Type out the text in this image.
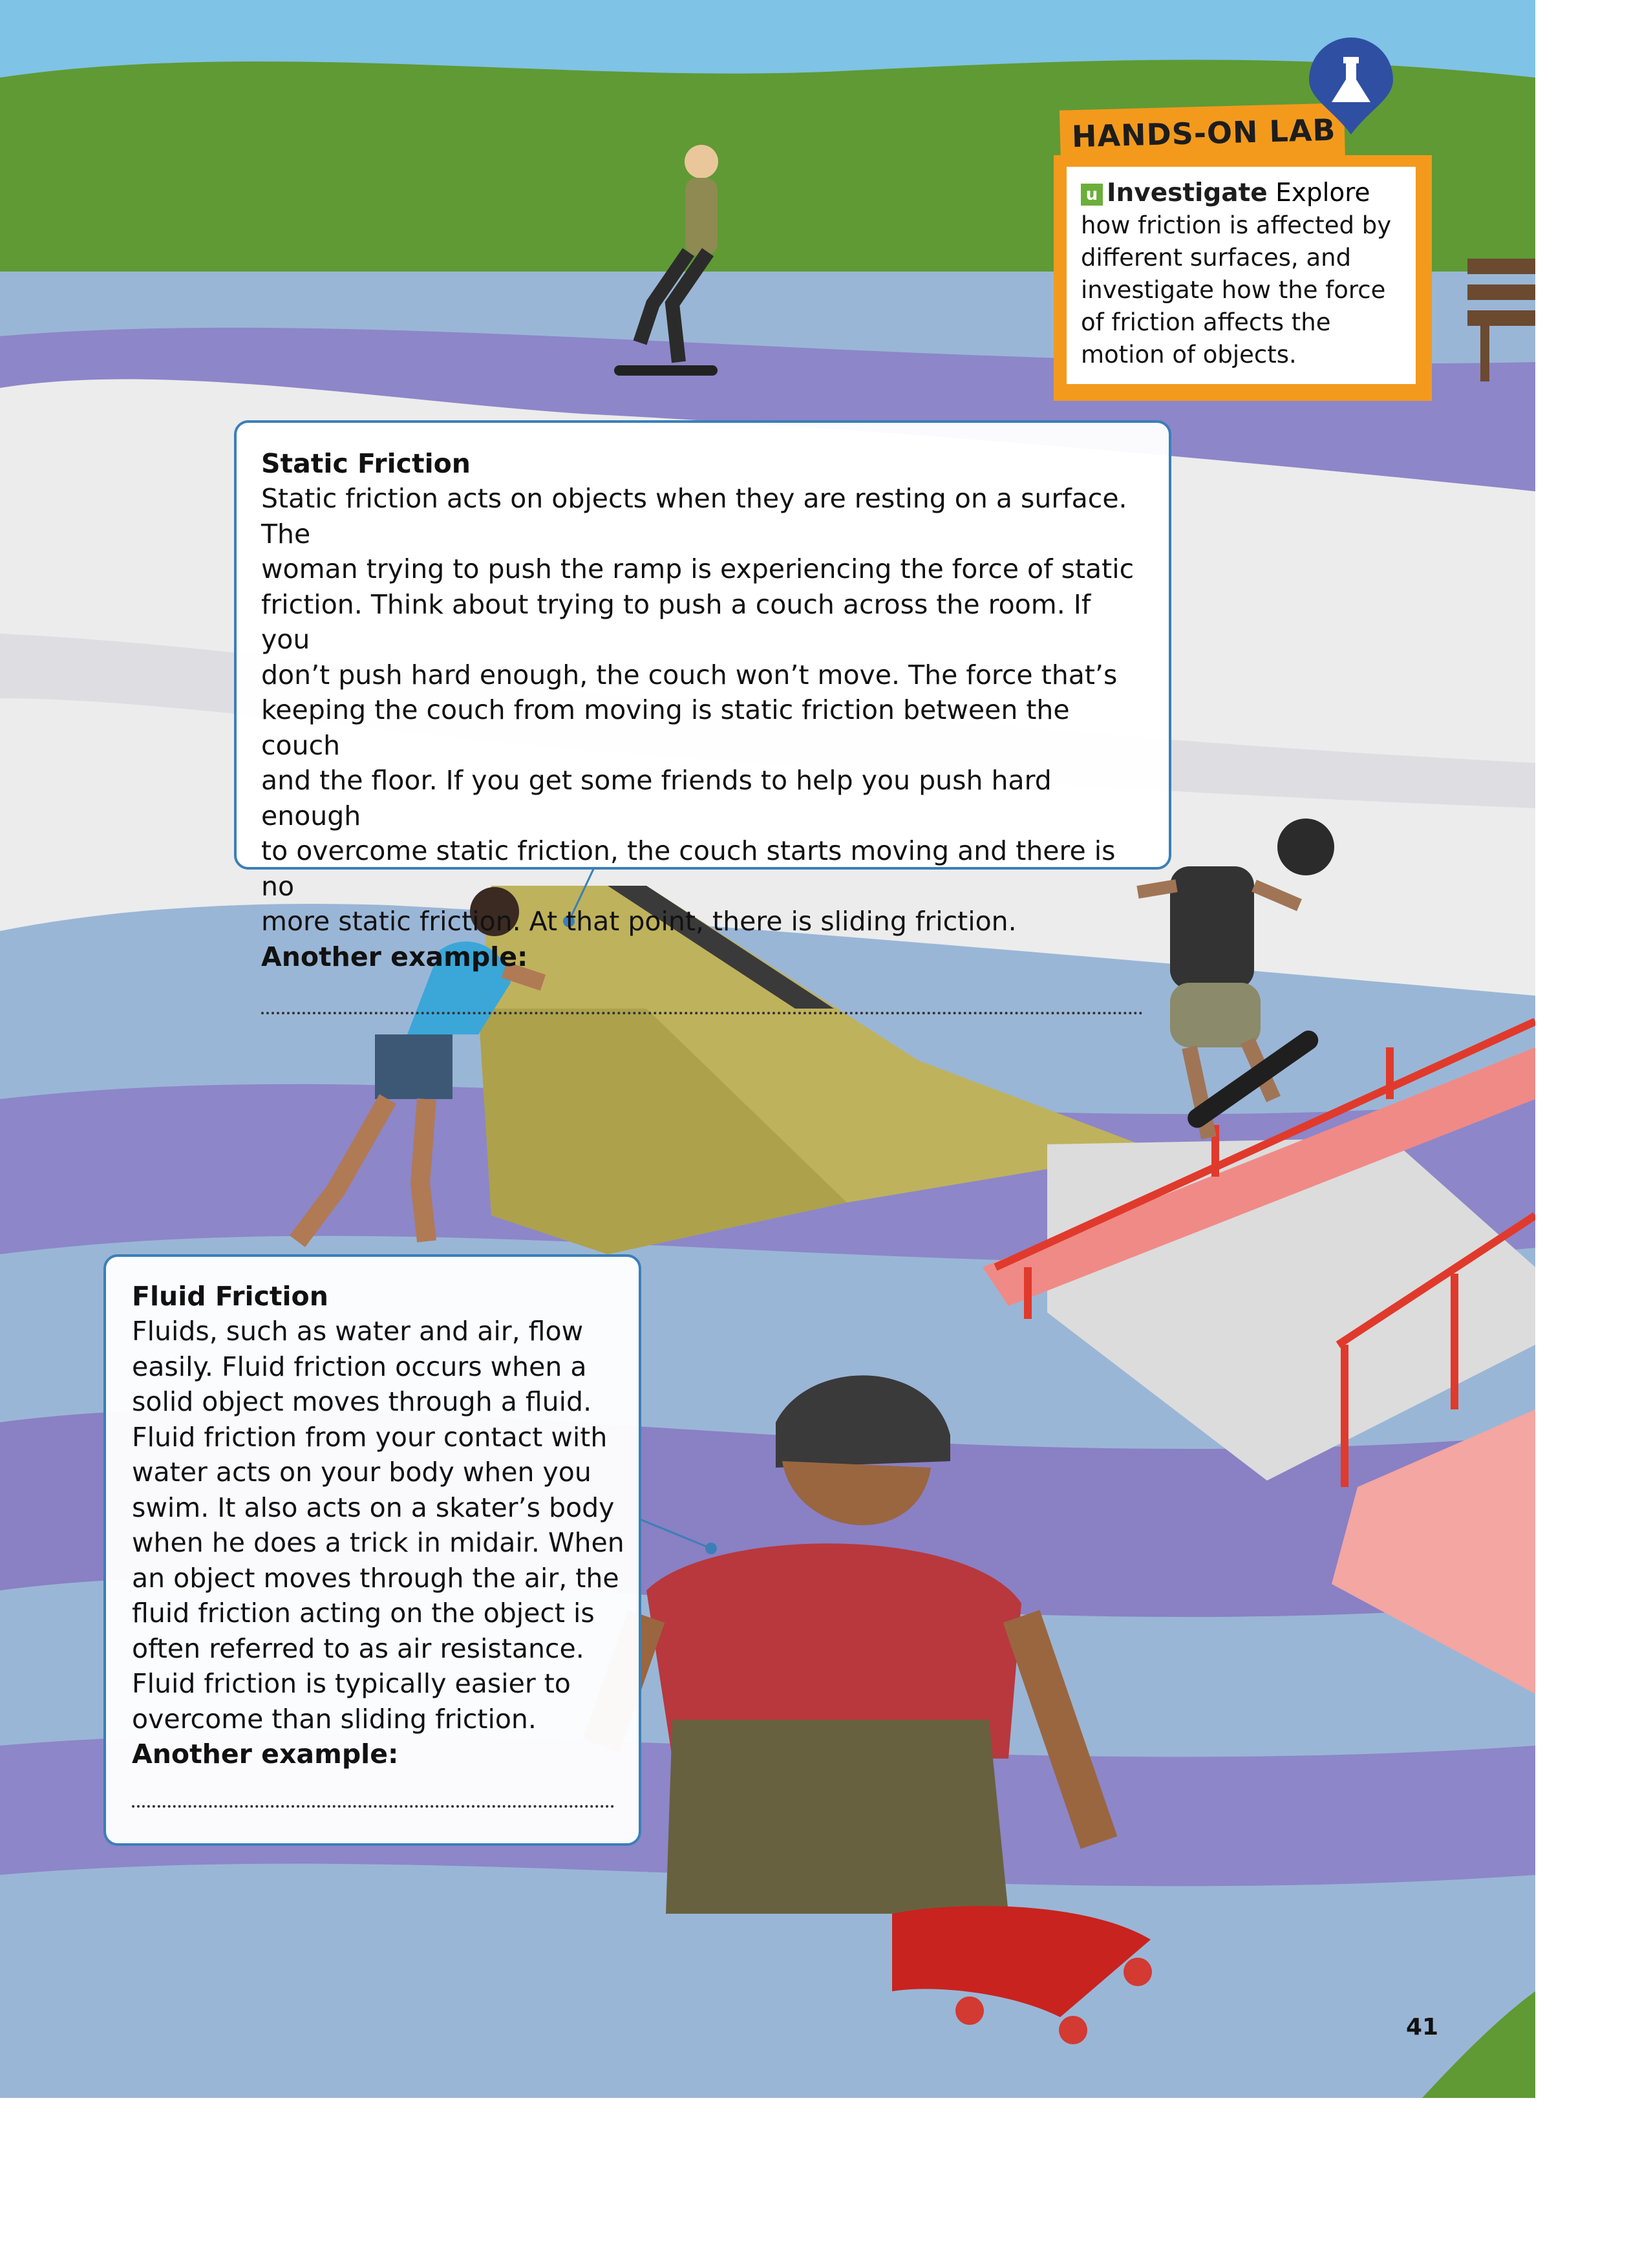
HANDS-ON LAB
u Investigate Explore

how friction is affected by

different surfaces, and

investigate how the force

of friction affects the

motion of objects.

Static Friction

Static friction acts on objects when they are resting on a surface. The

woman trying to push the ramp is experiencing the force of static

friction. Think about trying to push a couch across the room. If you

don’t push hard enough, the couch won’t move. The force that’s

keeping the couch from moving is static friction between the couch

and the floor. If you get some friends to help you push hard enough

to overcome static friction, the couch starts moving and there is no

more static friction. At that point, there is sliding friction.

Another example:
Fluid Friction

Fluids, such as water and air, flow

easily. Fluid friction occurs when a

solid object moves through a fluid.

Fluid friction from your contact with

water acts on your body when you

swim. It also acts on a skater’s body

when he does a trick in midair. When

an object moves through the air, the

fluid friction acting on the object is

often referred to as air resistance.

Fluid friction is typically easier to

overcome than sliding friction.

Another example:
41
